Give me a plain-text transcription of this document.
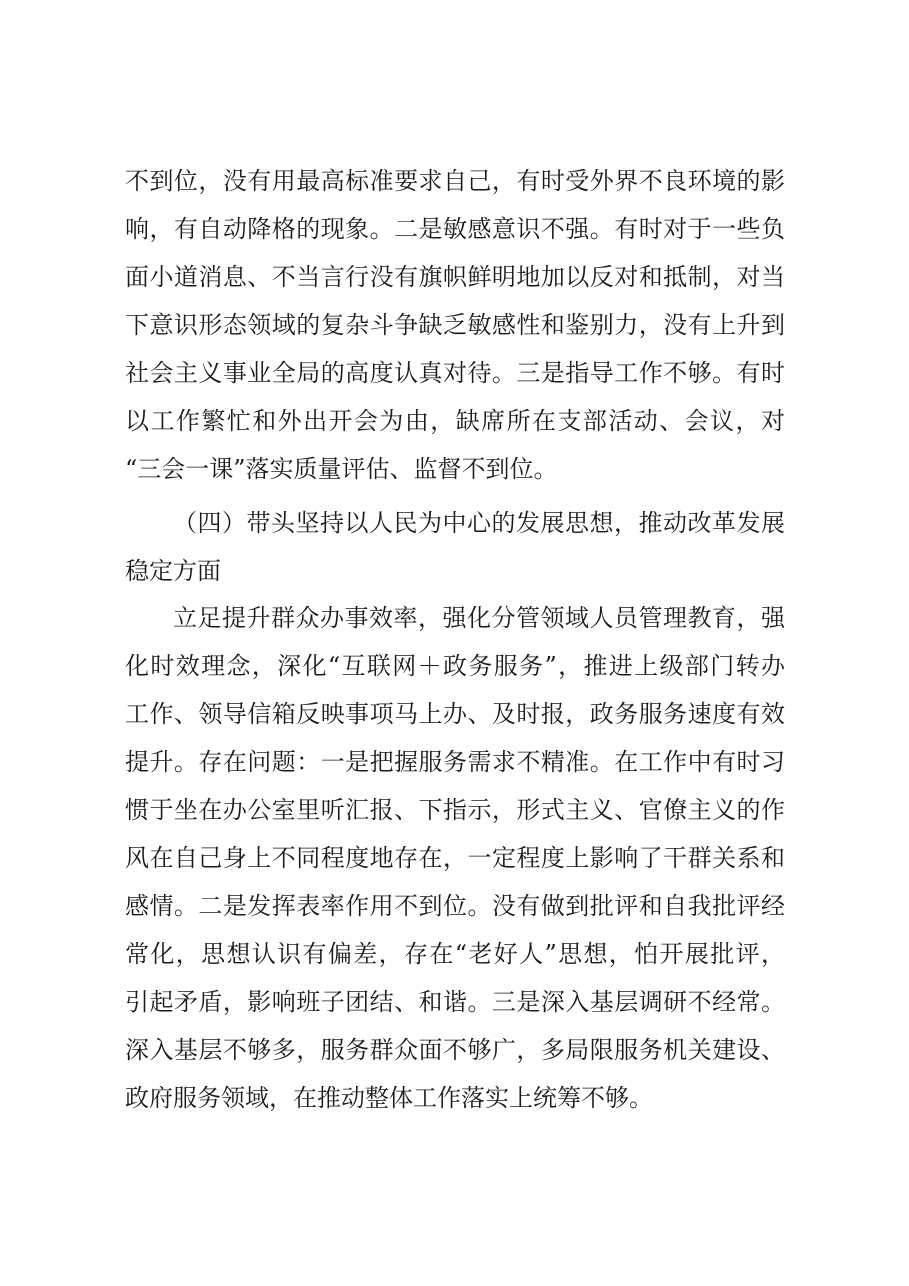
不到位，没有用最高标准要求自己，有时受外界不良环境的影
响，有自动降格的现象。二是敏感意识不强。有时对于一些负
面小道消息、不当言行没有旗帜鲜明地加以反对和抵制，对当
下意识形态领域的复杂斗争缺乏敏感性和鉴别力，没有上升到
社会主义事业全局的高度认真对待。三是指导工作不够。有时
以工作繁忙和外出开会为由，缺席所在支部活动、会议，对
“三会一课”落实质量评估、监督不到位。
（四）带头坚持以人民为中心的发展思想，推动改革发展
稳定方面
立足提升群众办事效率，强化分管领域人员管理教育，强
化时效理念，深化“互联网＋政务服务”，推进上级部门转办
工作、领导信箱反映事项马上办、及时报，政务服务速度有效
提升。存在问题：一是把握服务需求不精准。在工作中有时习
惯于坐在办公室里听汇报、下指示，形式主义、官僚主义的作
风在自己身上不同程度地存在，一定程度上影响了干群关系和
感情。二是发挥表率作用不到位。没有做到批评和自我批评经
常化，思想认识有偏差，存在“老好人”思想，怕开展批评，
引起矛盾，影响班子团结、和谐。三是深入基层调研不经常。
深入基层不够多，服务群众面不够广，多局限服务机关建设、
政府服务领域，在推动整体工作落实上统筹不够。
